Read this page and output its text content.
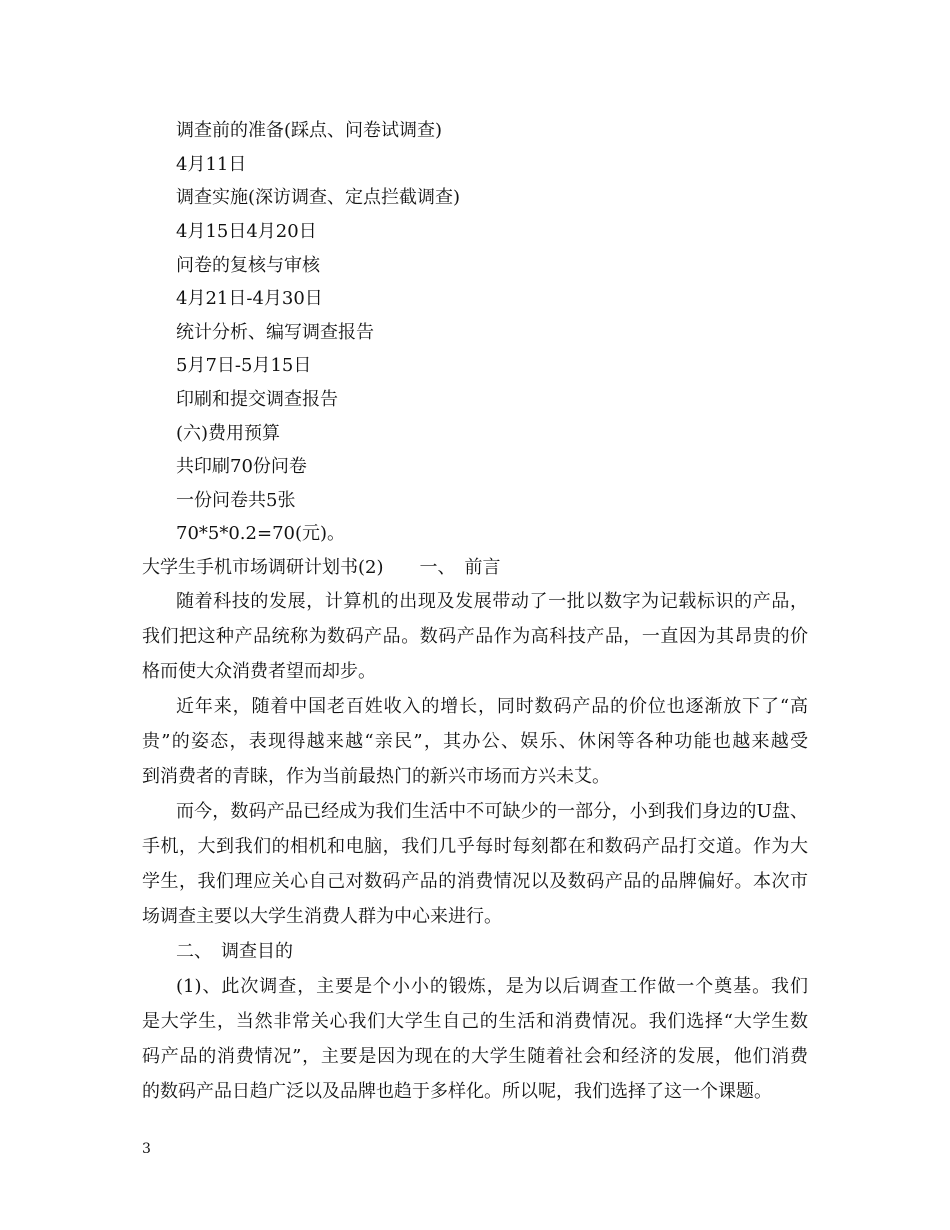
调查前的准备(踩点、问卷试调查)
4月11日
调查实施(深访调查、定点拦截调查)
4月15日4月20日
问卷的复核与审核
4月21日-4月30日
统计分析、编写调查报告
5月7日-5月15日
印刷和提交调查报告
(六)费用预算
共印刷70份问卷
一份问卷共5张
70*5*0.2=70(元)。
大学生手机市场调研计划书(2)　　一、　前言
随着科技的发展，计算机的出现及发展带动了一批以数字为记载标识的产品，
我们把这种产品统称为数码产品。数码产品作为高科技产品，一直因为其昂贵的价
格而使大众消费者望而却步。
近年来，随着中国老百姓收入的增长，同时数码产品的价位也逐渐放下了“高
贵”的姿态，表现得越来越“亲民”，其办公、娱乐、休闲等各种功能也越来越受
到消费者的青睐，作为当前最热门的新兴市场而方兴未艾。
而今，数码产品已经成为我们生活中不可缺少的一部分，小到我们身边的U盘、
手机，大到我们的相机和电脑，我们几乎每时每刻都在和数码产品打交道。作为大
学生，我们理应关心自己对数码产品的消费情况以及数码产品的品牌偏好。本次市
场调查主要以大学生消费人群为中心来进行。
二、　调查目的
(1)、此次调查，主要是个小小的锻炼，是为以后调查工作做一个奠基。我们
是大学生，当然非常关心我们大学生自己的生活和消费情况。我们选择“大学生数
码产品的消费情况”，主要是因为现在的大学生随着社会和经济的发展，他们消费
的数码产品日趋广泛以及品牌也趋于多样化。所以呢，我们选择了这一个课题。
3
